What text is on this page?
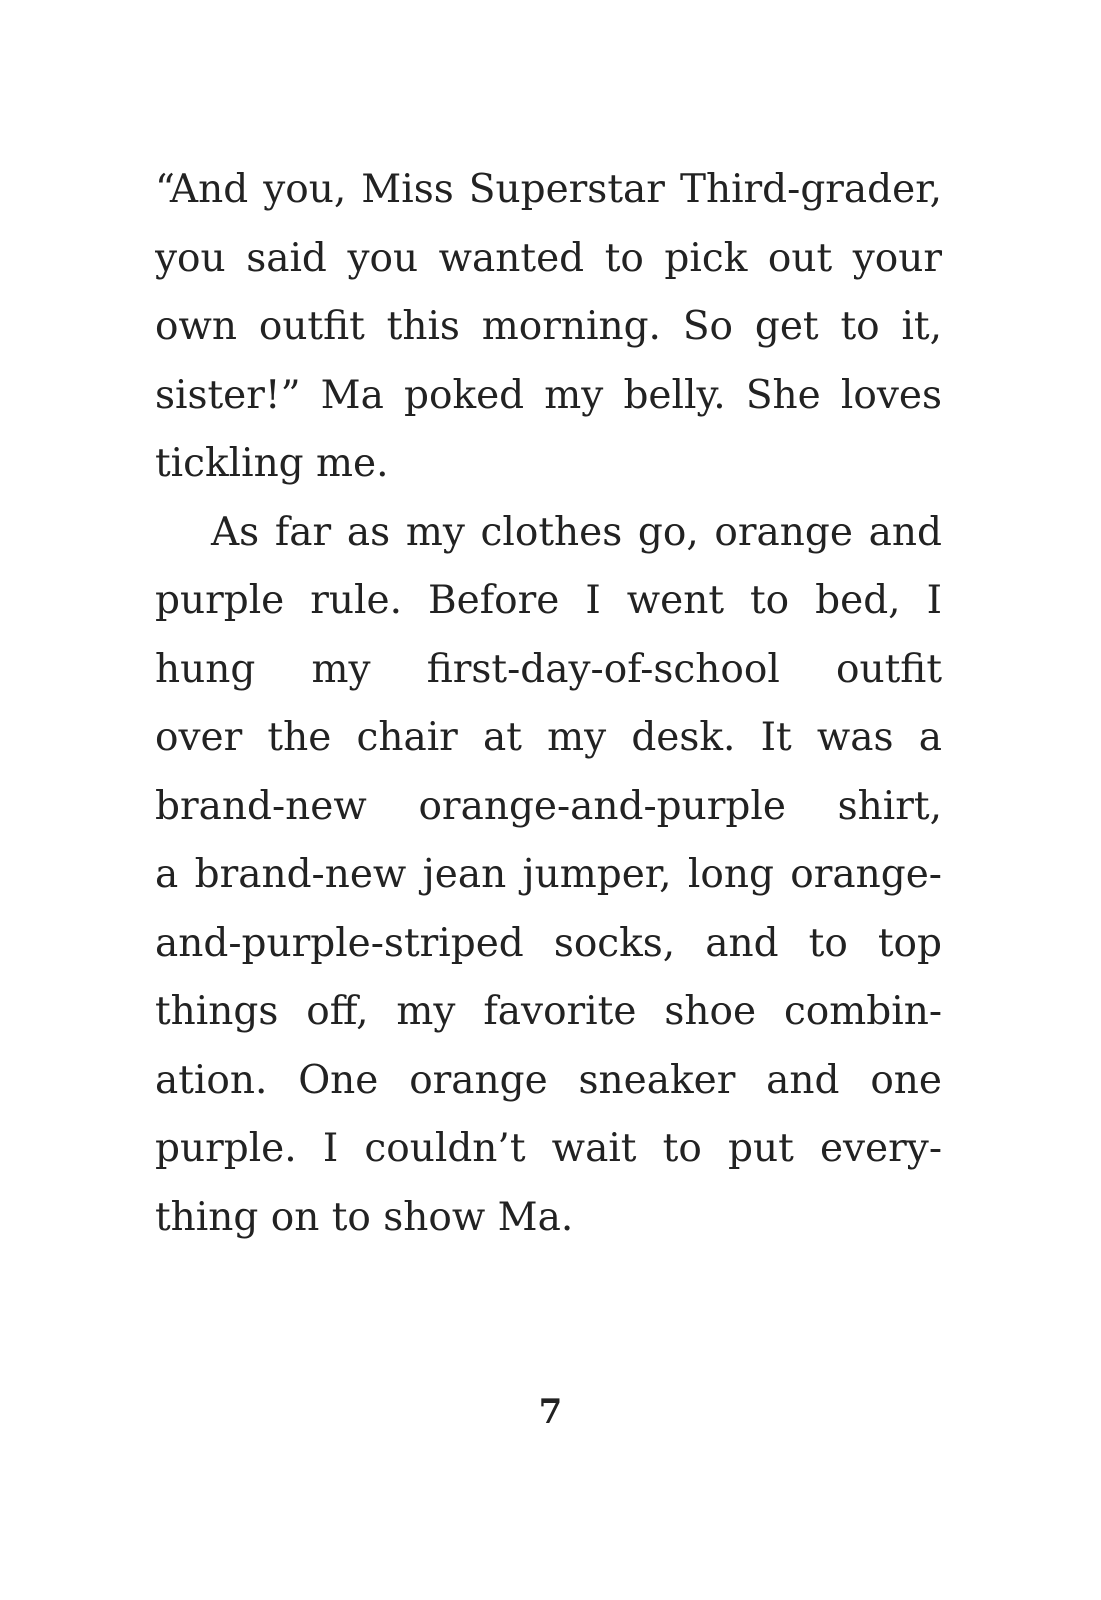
“And you, Miss Superstar Third-grader,
you said you wanted to pick out your
own outfit this morning. So get to it,
sister!” Ma poked my belly. She loves
tickling me.
As far as my clothes go, orange and
purple rule. Before I went to bed, I
hung my first-day-of-school outfit
over the chair at my desk. It was a
brand-new orange-and-purple shirt,
a brand-new jean jumper, long orange-
and-purple-striped socks, and to top
things off, my favorite shoe combin-
ation. One orange sneaker and one
purple. I couldn’t wait to put every-
thing on to show Ma.
7
